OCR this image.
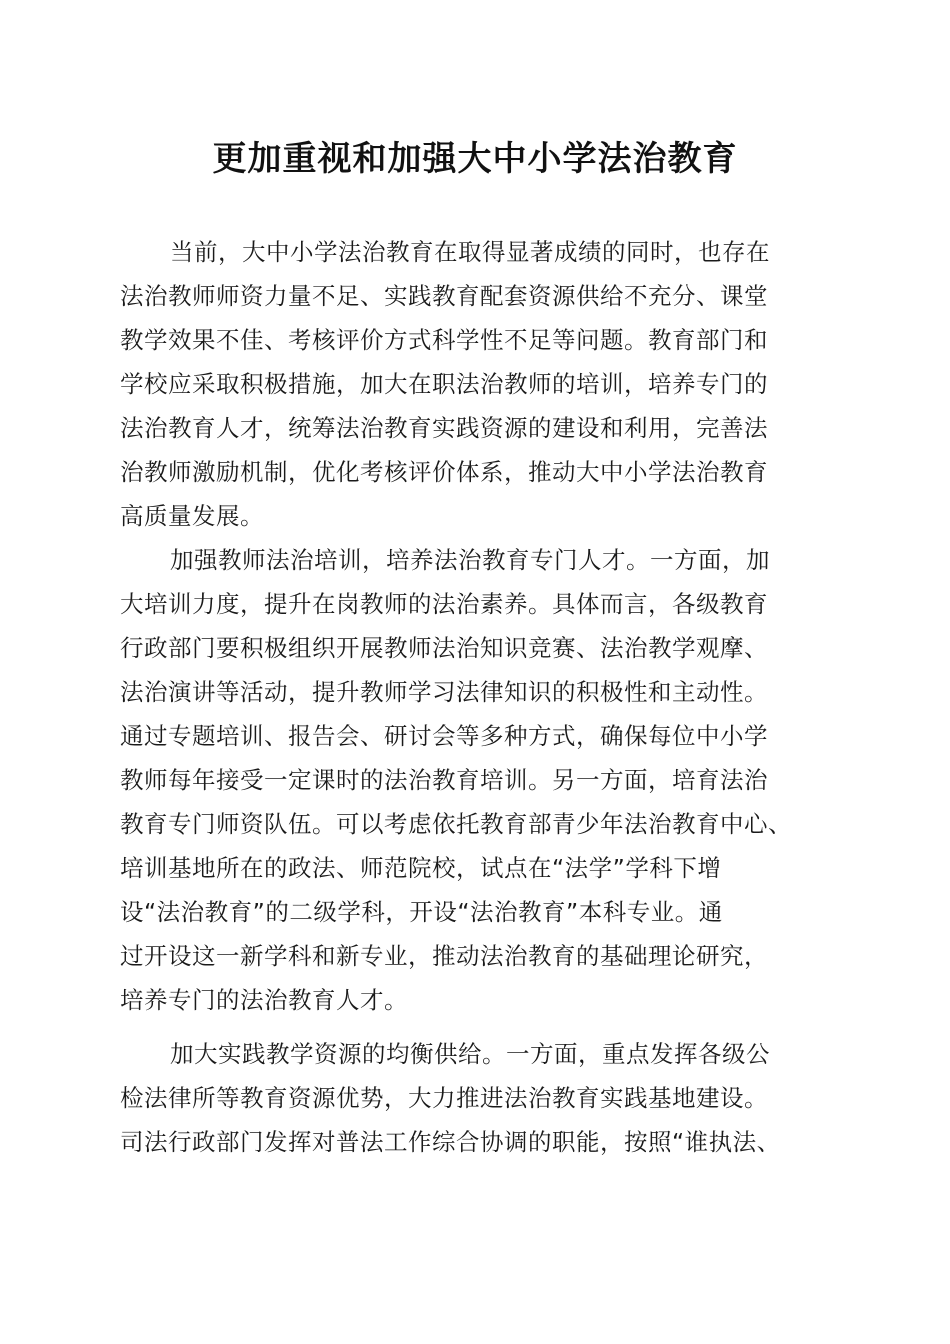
更加重视和加强大中小学法治教育
当前，大中小学法治教育在取得显著成绩的同时，也存在
法治教师师资力量不足、实践教育配套资源供给不充分、课堂
教学效果不佳、考核评价方式科学性不足等问题。教育部门和
学校应采取积极措施，加大在职法治教师的培训，培养专门的
法治教育人才，统筹法治教育实践资源的建设和利用，完善法
治教师激励机制，优化考核评价体系，推动大中小学法治教育
高质量发展。
加强教师法治培训，培养法治教育专门人才。一方面，加
大培训力度，提升在岗教师的法治素养。具体而言，各级教育
行政部门要积极组织开展教师法治知识竞赛、法治教学观摩、
法治演讲等活动，提升教师学习法律知识的积极性和主动性。
通过专题培训、报告会、研讨会等多种方式，确保每位中小学
教师每年接受一定课时的法治教育培训。另一方面，培育法治
教育专门师资队伍。可以考虑依托教育部青少年法治教育中心、
培训基地所在的政法、师范院校，试点在“法学”学科下增
设“法治教育”的二级学科，开设“法治教育”本科专业。通
过开设这一新学科和新专业，推动法治教育的基础理论研究，
培养专门的法治教育人才。
加大实践教学资源的均衡供给。一方面，重点发挥各级公
检法律所等教育资源优势，大力推进法治教育实践基地建设。
司法行政部门发挥对普法工作综合协调的职能，按照“谁执法、
